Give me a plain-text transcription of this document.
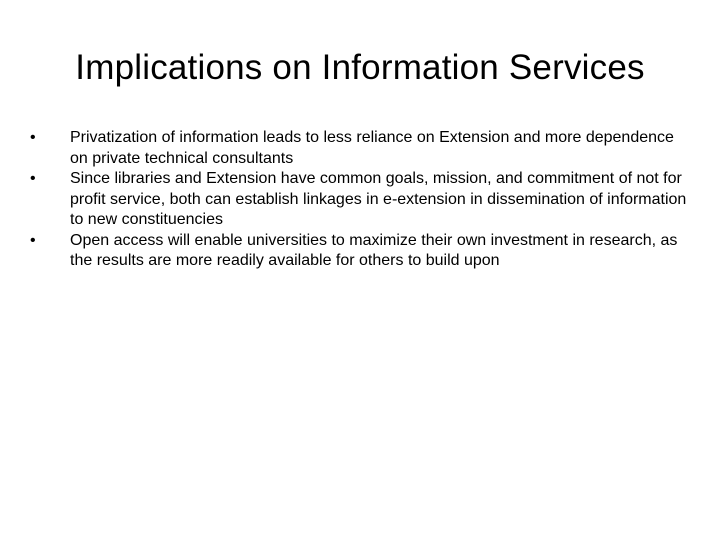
Implications on Information Services
•	Privatization of information leads to less reliance on Extension and more dependence on private technical consultants
•	Since libraries and Extension have common goals, mission, and commitment of not for profit service, both can establish linkages in e-extension in dissemination of information to new constituencies
•	Open access will enable universities to maximize their own investment in research, as the results are more readily available for others to build upon
